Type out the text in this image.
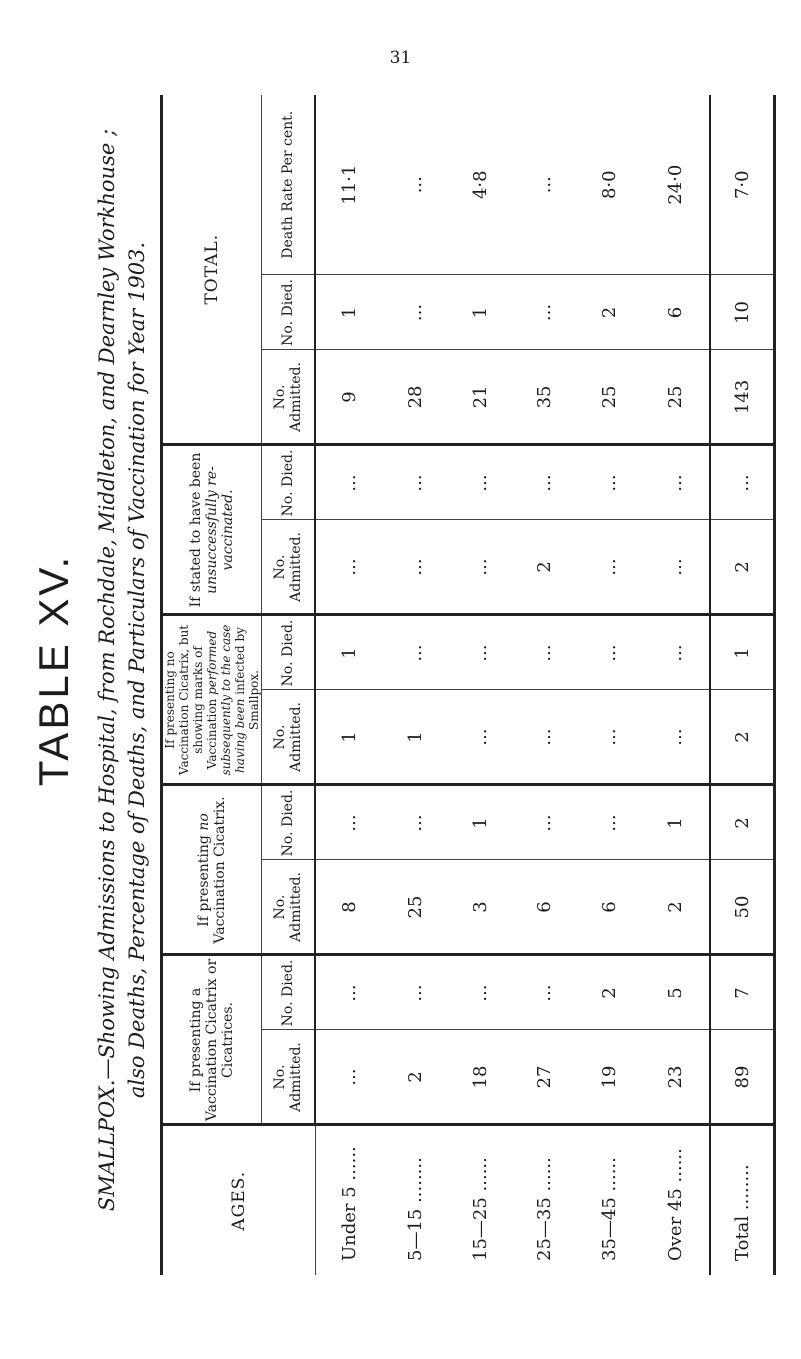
31
TABLE XV. SMALLPOX.—Showing Admissions to Hospital, from Rochdale, Middleton, and Dearnley Workhouse ; also Deaths, Percentage of Deaths, and Particulars of Vaccination for Year 1903.
AGES.	If presenting a Vaccination Cicatrix or Cicatrices.		If presenting no Vaccination Cicatrix.		If presenting no Vaccination Cicatrix, but showing marks of Vaccination performed subsequently to the case having been infected by Smallpox.		If stated to have been unsuccessfully re-vaccinated.		TOTAL.		
	No. Admitted.	No. Died.	No. Admitted.	No. Died.	No. Admitted.	No. Died.	No. Admitted.	No. Died.	No. Admitted.	No. Died.	Death Rate Per cent.
Under 5 ......	...	...	8	...	1	1	...	...	9	1	11·1
5—15 ........	2	...	25	...	1	...	...	...	28	...	...
15—25 ......	18	...	3	1	...	...	...	...	21	1	4·8
25—35 ......	27	...	6	...	...	...	2	...	35	...	...
35—45 ......	19	2	6	...	...	...	...	...	25	2	8·0
Over 45 ......	23	5	2	1	...	...	...	...	25	6	24·0
Total ........	89	7	50	2	2	1	2	...	143	10	7·0
